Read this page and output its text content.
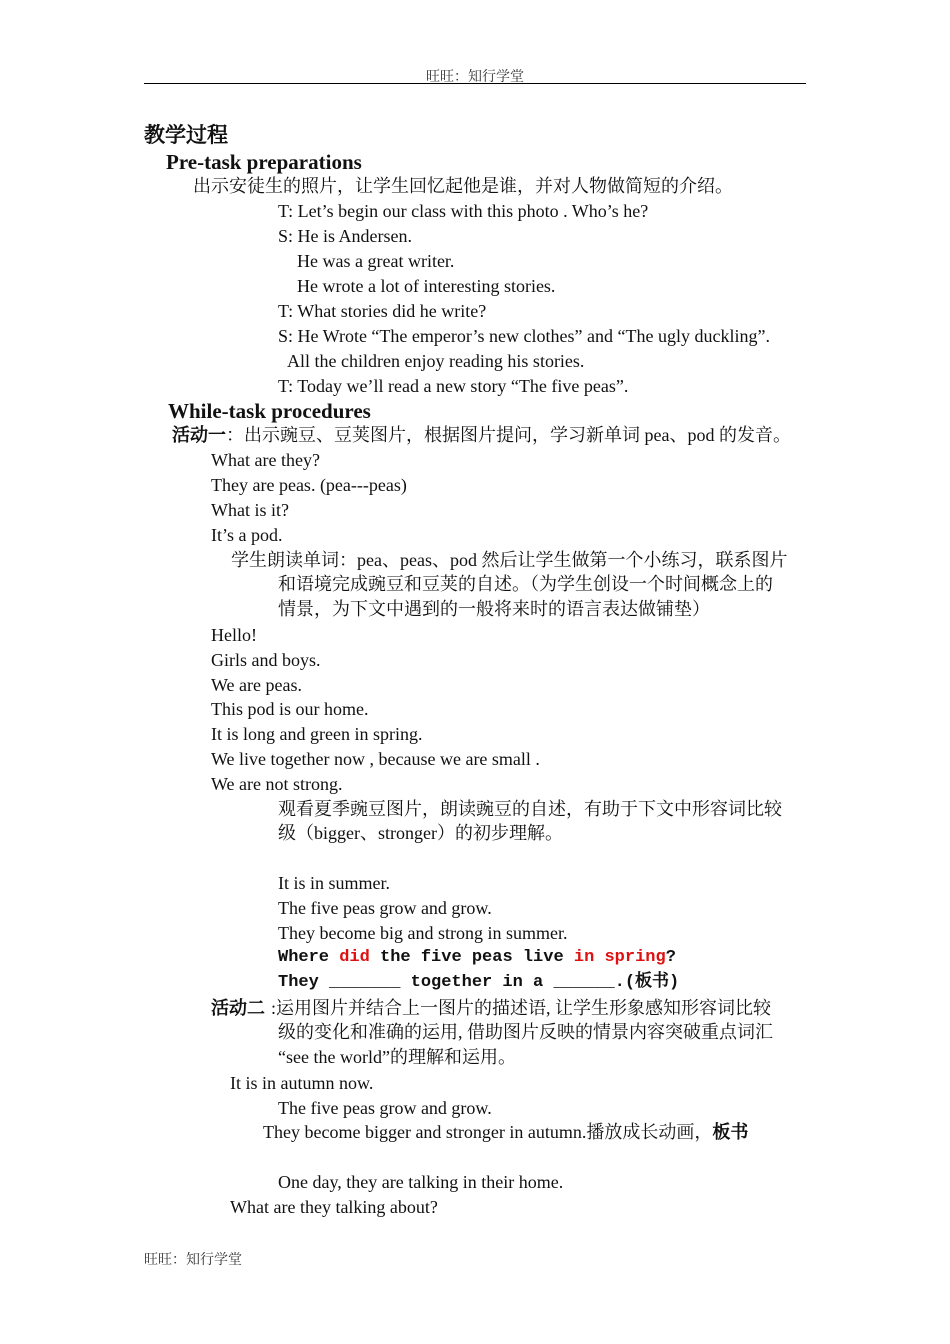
旺旺：知行学堂
教学过程
Pre-task preparations
出示安徒生的照片，让学生回忆起他是谁，并对人物做简短的介绍。
T: Let’s begin our class with this photo . Who’s he?
S: He is Andersen.
He was a great writer.
He wrote a lot of interesting stories.
T: What stories did he write?
S: He Wrote “The emperor’s new clothes” and “The ugly duckling”.
All the children enjoy reading his stories.
T: Today we’ll read a new story “The five peas”.
While-task procedures
活动一：出示豌豆、豆荚图片，根据图片提问，学习新单词 pea、pod 的发音。
What are they?
They are peas. (pea---peas)
What is it?
It’s a pod.
学生朗读单词：pea、peas、pod 然后让学生做第一个小练习，联系图片
和语境完成豌豆和豆荚的自述。（为学生创设一个时间概念上的
情景，为下文中遇到的一般将来时的语言表达做铺垫）
Hello!
Girls and boys.
We are peas.
This pod is our home.
It is long and green in spring.
We live together now , because we are small .
We are not strong.
观看夏季豌豆图片，朗读豌豆的自述，有助于下文中形容词比较
级（bigger、stronger）的初步理解。
It is in summer.
The five peas grow and grow.
They become big and strong in summer.
Where did the five peas live in spring?
They _______ together in a ______.(板书)
活动二 :运用图片并结合上一图片的描述语, 让学生形象感知形容词比较
级的变化和准确的运用, 借助图片反映的情景内容突破重点词汇
“see the world”的理解和运用。
It is in autumn now.
The five peas grow and grow.
They become bigger and stronger in autumn.播放成长动画，板书
One day, they are talking in their home.
What are they talking about?
旺旺：知行学堂
